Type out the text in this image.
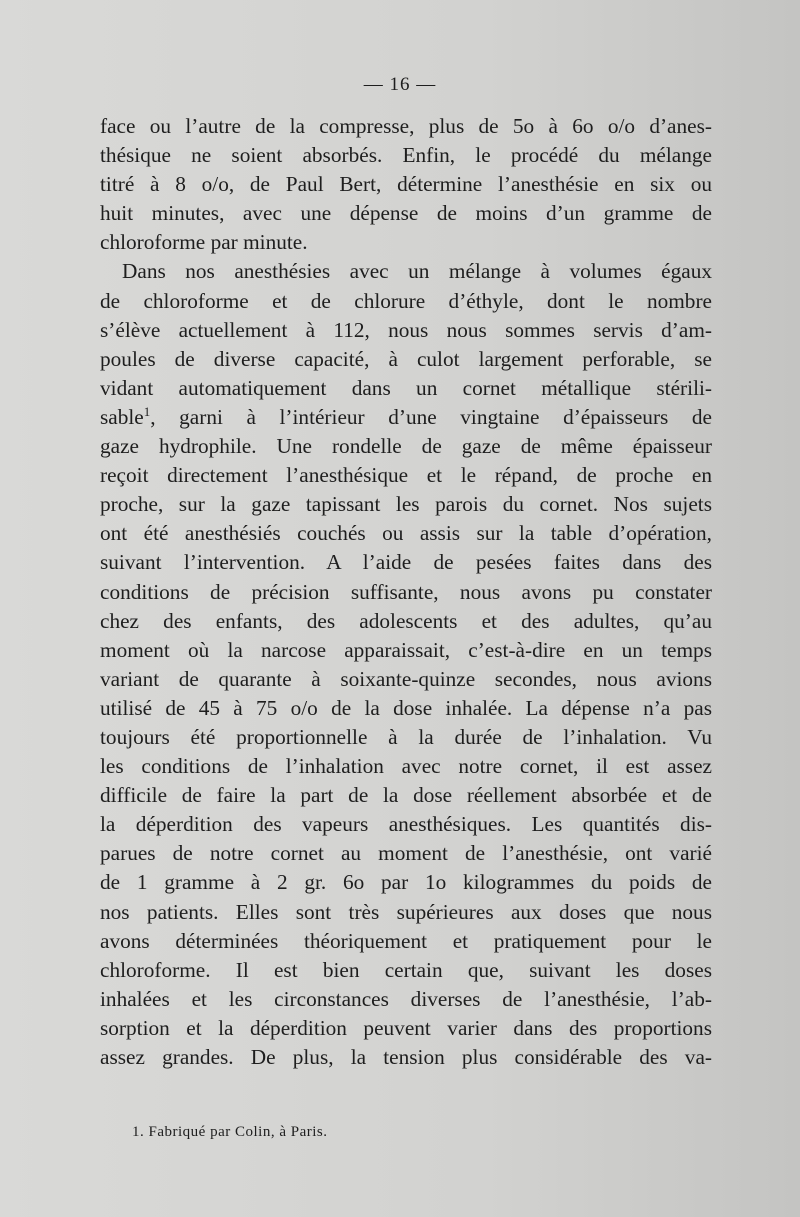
— 16 —
face ou l’autre de la compresse, plus de 5o à 6o o/o d’anes-
thésique ne soient absorbés. Enfin, le procédé du mélange
titré à 8 o/o, de Paul Bert, détermine l’anesthésie en six ou
huit minutes, avec une dépense de moins d’un gramme de
chloroforme par minute.
Dans nos anesthésies avec un mélange à volumes égaux
de chloroforme et de chlorure d’éthyle, dont le nombre
s’élève actuellement à 112, nous nous sommes servis d’am-
poules de diverse capacité, à culot largement perforable, se
vidant automatiquement dans un cornet métallique stérili-
sable$^1$, garni à l’intérieur d’une vingtaine d’épaisseurs de
gaze hydrophile. Une rondelle de gaze de même épaisseur
reçoit directement l’anesthésique et le répand, de proche en
proche, sur la gaze tapissant les parois du cornet. Nos sujets
ont été anesthésiés couchés ou assis sur la table d’opération,
suivant l’intervention. A l’aide de pesées faites dans des
conditions de précision suffisante, nous avons pu constater
chez des enfants, des adolescents et des adultes, qu’au
moment où la narcose apparaissait, c’est-à-dire en un temps
variant de quarante à soixante-quinze secondes, nous avions
utilisé de 45 à 75 o/o de la dose inhalée. La dépense n’a pas
toujours été proportionnelle à la durée de l’inhalation. Vu
les conditions de l’inhalation avec notre cornet, il est assez
difficile de faire la part de la dose réellement absorbée et de
la déperdition des vapeurs anesthésiques. Les quantités dis-
parues de notre cornet au moment de l’anesthésie, ont varié
de 1 gramme à 2 gr. 6o par 1o kilogrammes du poids de
nos patients. Elles sont très supérieures aux doses que nous
avons déterminées théoriquement et pratiquement pour le
chloroforme. Il est bien certain que, suivant les doses
inhalées et les circonstances diverses de l’anesthésie, l’ab-
sorption et la déperdition peuvent varier dans des proportions
assez grandes. De plus, la tension plus considérable des va-
1. Fabriqué par Colin, à Paris.
